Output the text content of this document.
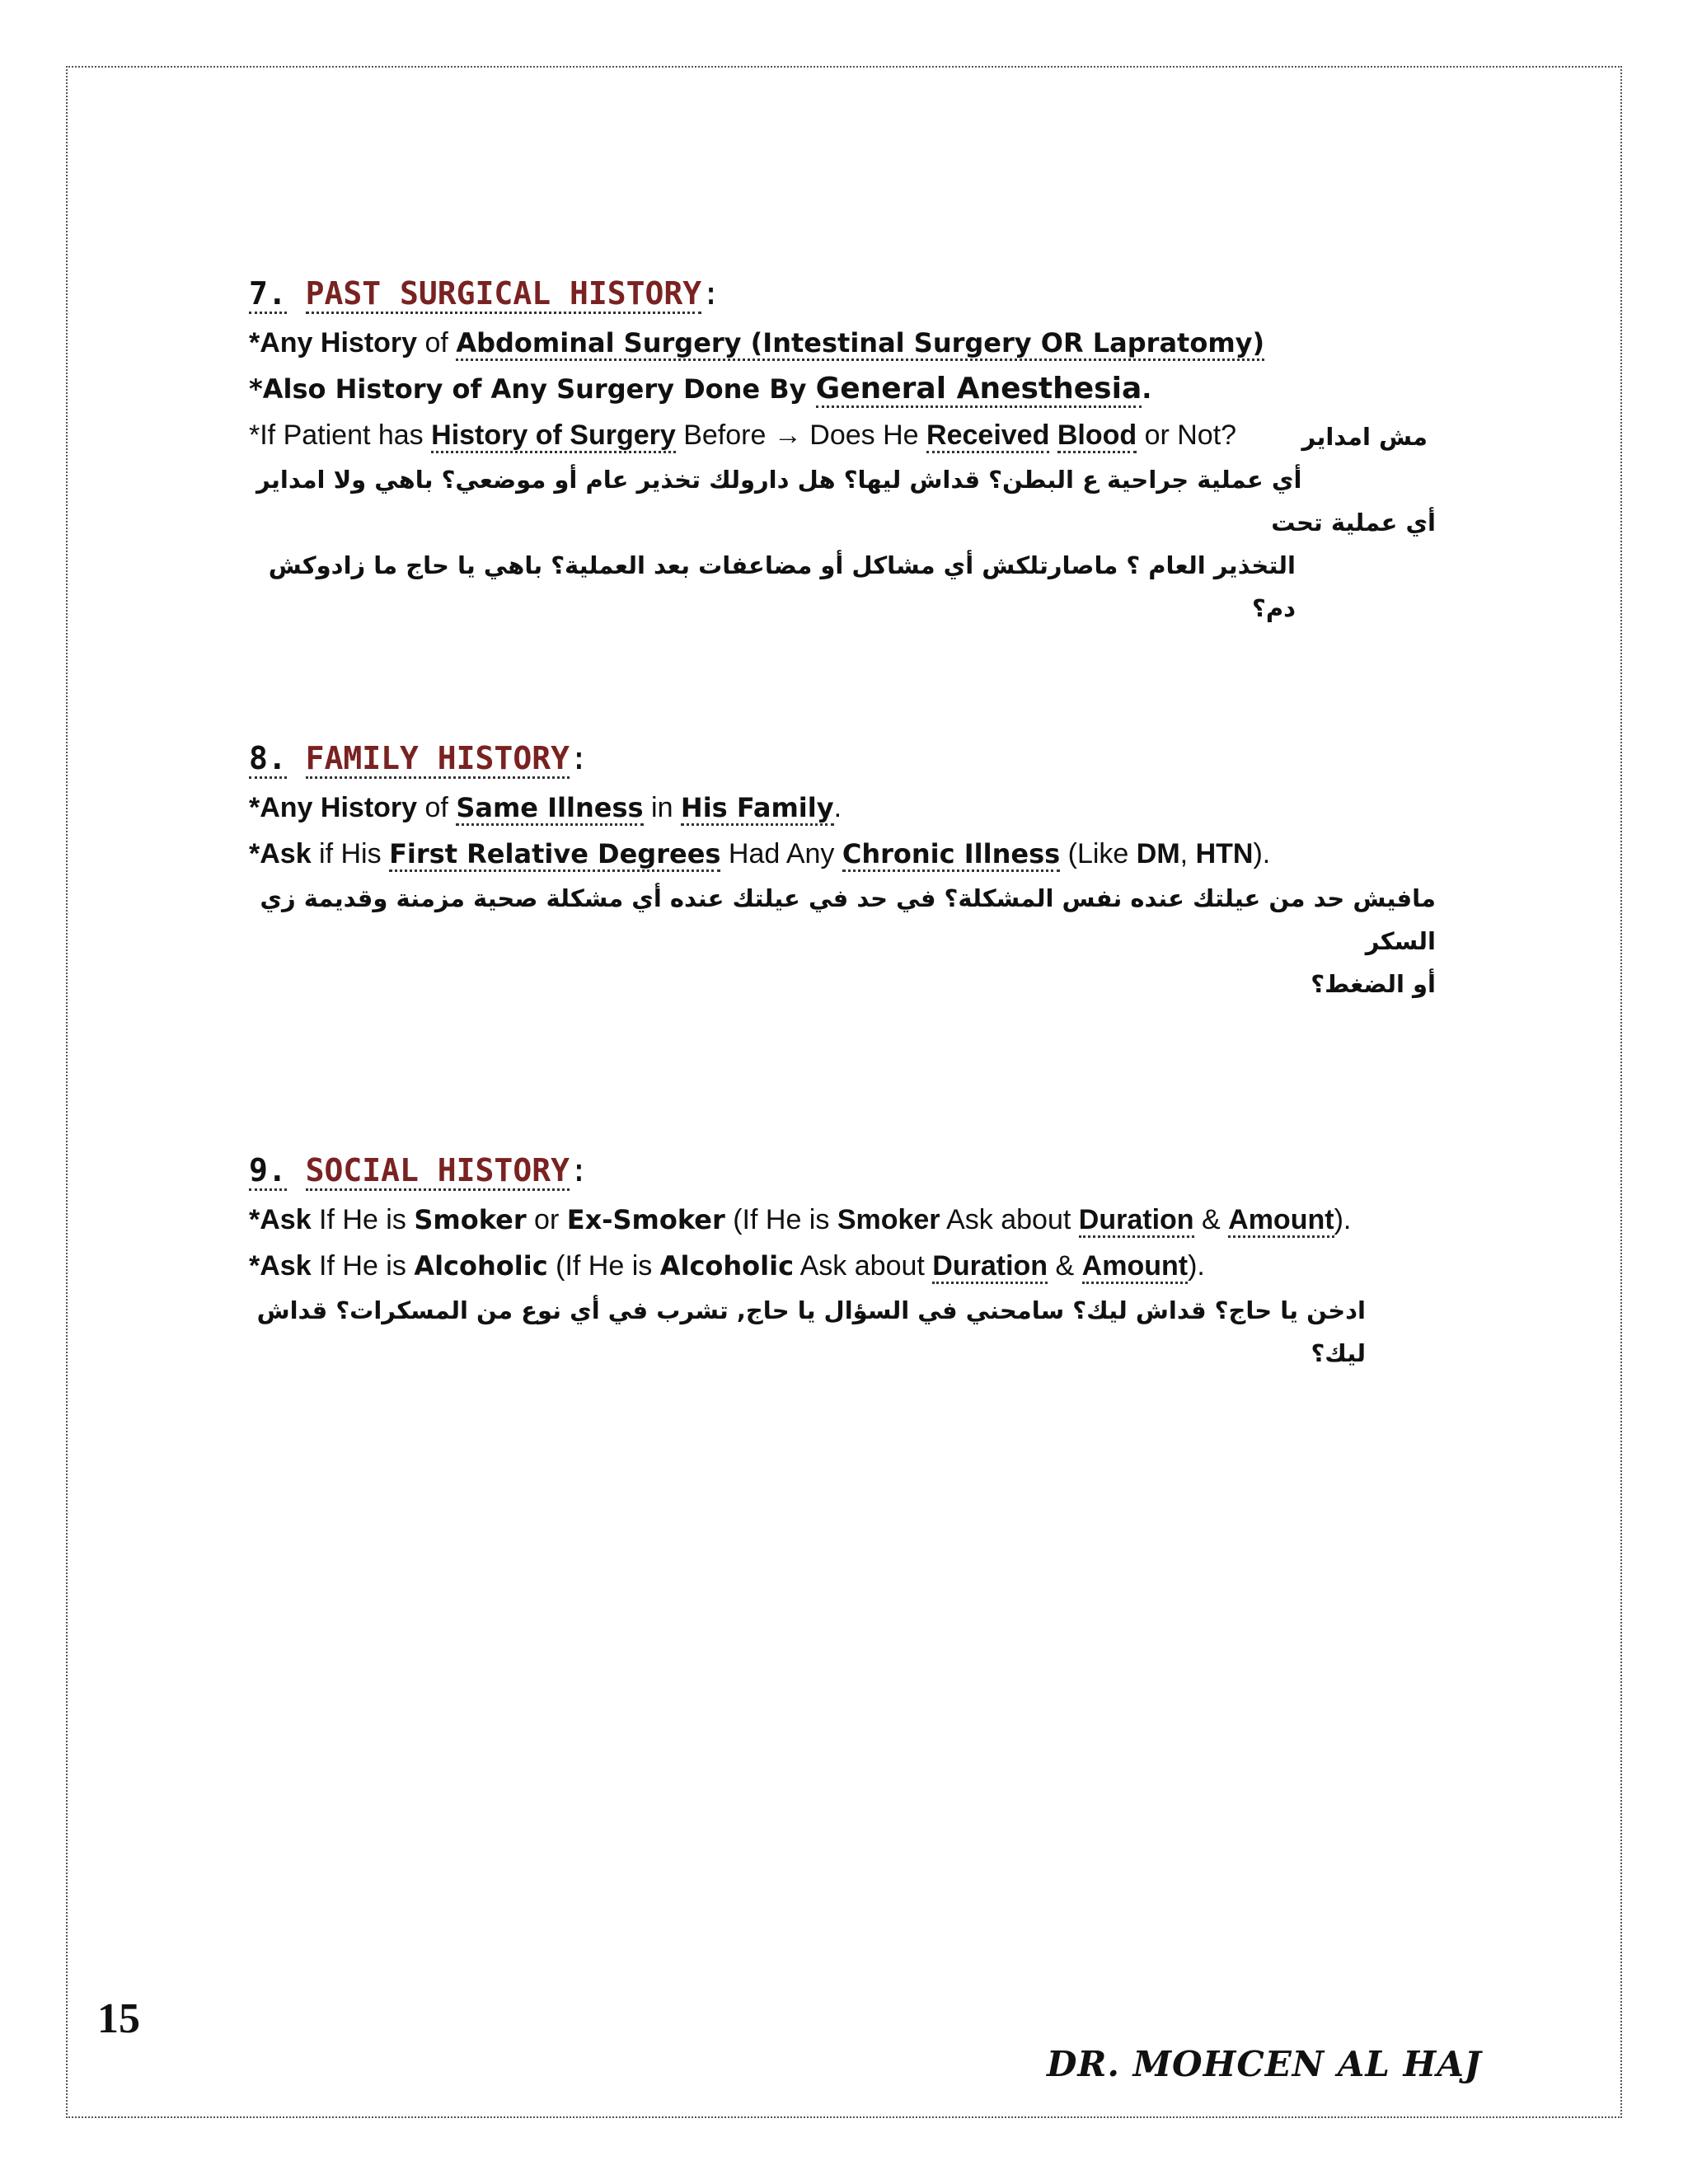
7. PAST SURGICAL HISTORY:

*Any History of Abdominal Surgery (Intestinal Surgery OR Lapratomy)

*Also History of Any Surgery Done By General Anesthesia.

*If Patient has History of Surgery Before → Does He Received Blood or Not?	مش امداير

أي عملية جراحية ع البطن؟ قداش ليها؟ هل دارولك تخذير عام أو موضعي؟ باهي ولا امداير أي عملية تحت

التخذير العام ؟ ماصارتلكش أي مشاكل أو مضاعفات بعد العملية؟ باهي يا حاج ما زادوكش دم؟

8. FAMILY HISTORY:

*Any History of Same Illness in His Family.

*Ask if His First Relative Degrees Had Any Chronic Illness (Like DM, HTN).

مافيش حد من عيلتك عنده نفس المشكلة؟ في حد في عيلتك عنده أي مشكلة صحية مزمنة وقديمة زي السكر

أو الضغط؟

9. SOCIAL HISTORY:

*Ask If He is Smoker or Ex-Smoker (If He is Smoker Ask about Duration & Amount).

*Ask If He is Alcoholic (If He is Alcoholic Ask about Duration & Amount).

ادخن يا حاج؟ قداش ليك؟ سامحني في السؤال يا حاج, تشرب في أي نوع من المسكرات؟ قداش ليك؟

15
DR. MOHCEN AL HAJ
